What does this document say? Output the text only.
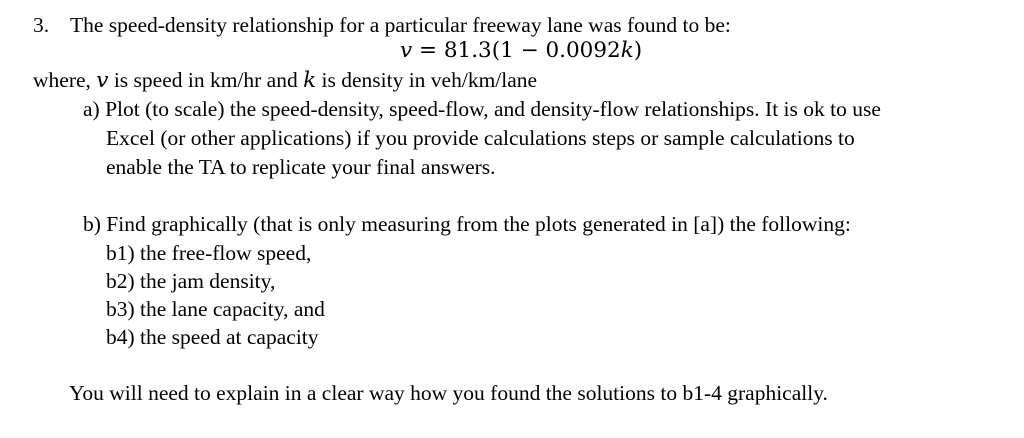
3. The speed-density relationship for a particular freeway lane was found to be:
v = 81.3(1 − 0.0092k)
where, v is speed in km/hr and k is density in veh/km/lane
a) Plot (to scale) the speed-density, speed-flow, and density-flow relationships. It is ok to use
Excel (or other applications) if you provide calculations steps or sample calculations to
enable the TA to replicate your final answers.
b) Find graphically (that is only measuring from the plots generated in [a]) the following:
b1) the free-flow speed,
b2) the jam density,
b3) the lane capacity, and
b4) the speed at capacity
You will need to explain in a clear way how you found the solutions to b1-4 graphically.
